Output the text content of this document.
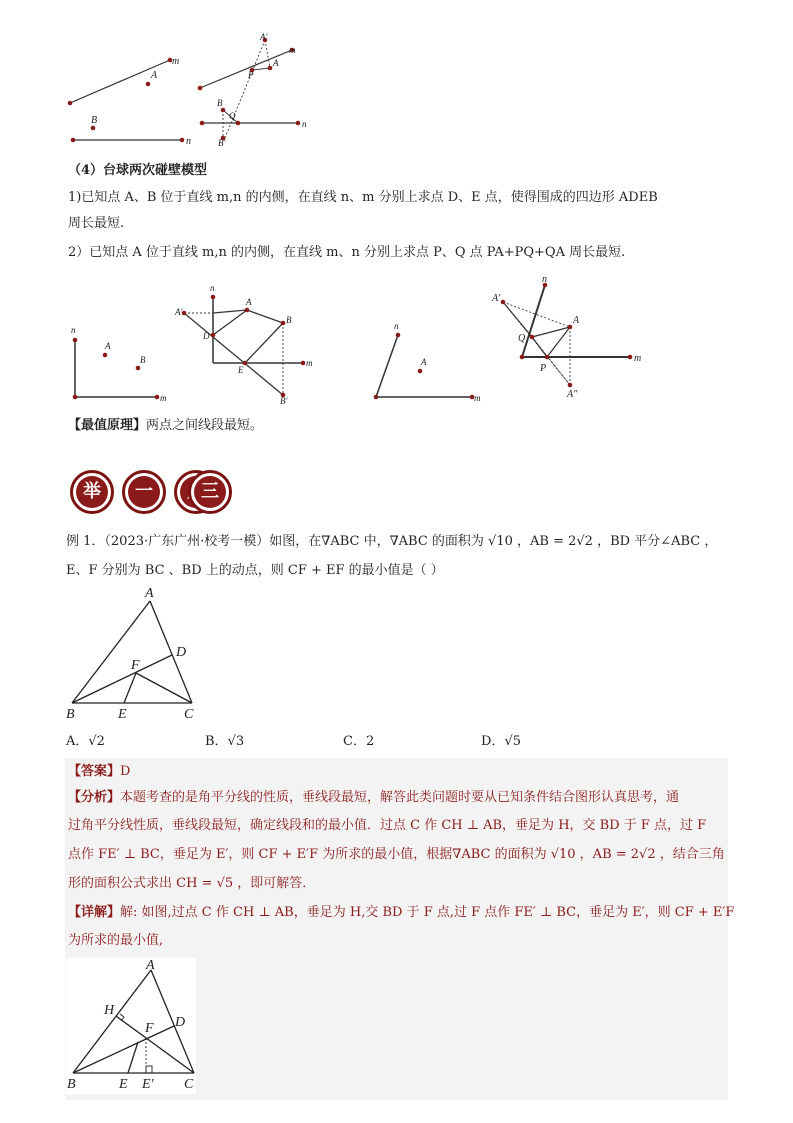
m
A
B
n
A'
m
A
P
B
Q
B'
n
（4）台球两次碰壁模型
1)已知点 A、B 位于直线 m,n 的内侧，在直线 n、m 分别上求点 D、E 点，使得围成的四边形 ADEB
周长最短.
2）已知点 A 位于直线 m,n 的内侧，在直线 m、n 分别上求点 P、Q 点 PA+PQ+QA 周长最短.
n
A
B
m
n
A'
A
B
D
E
m
B'
n
A
m
A'
n
A
Q
P
m
A"
【最值原理】两点之间线段最短。
举	一	三
例 1．（2023·广东广州·校考一模）如图，在∇ABC 中，∇ABC 的面积为 √10 ，AB = 2√2 ，BD 平分∠ABC ，
E、F 分别为 BC 、BD 上的动点，则 CF + EF 的最小值是（ ）
A
D
F
B	E	C
A．√2	B．√3	C．2	D．√5
【答案】D
【分析】本题考查的是角平分线的性质，垂线段最短，解答此类问题时要从已知条件结合图形认真思考，通
过角平分线性质，垂线段最短，确定线段和的最小值．过点 C 作 CH ⊥ AB，垂足为 H，交 BD 于 F 点，过 F
点作 FE′ ⊥ BC，垂足为 E′，则 CF + E′F 为所求的最小值，根据∇ABC 的面积为 √10 ，AB = 2√2 ，结合三角
形的面积公式求出 CH = √5 ，即可解答．
【详解】解: 如图,过点 C 作 CH ⊥ AB，垂足为 H,交 BD 于 F 点,过 F 点作 FE′ ⊥ BC，垂足为 E′，则 CF + E′F
为所求的最小值,
A
H
F D
B	E E' C
